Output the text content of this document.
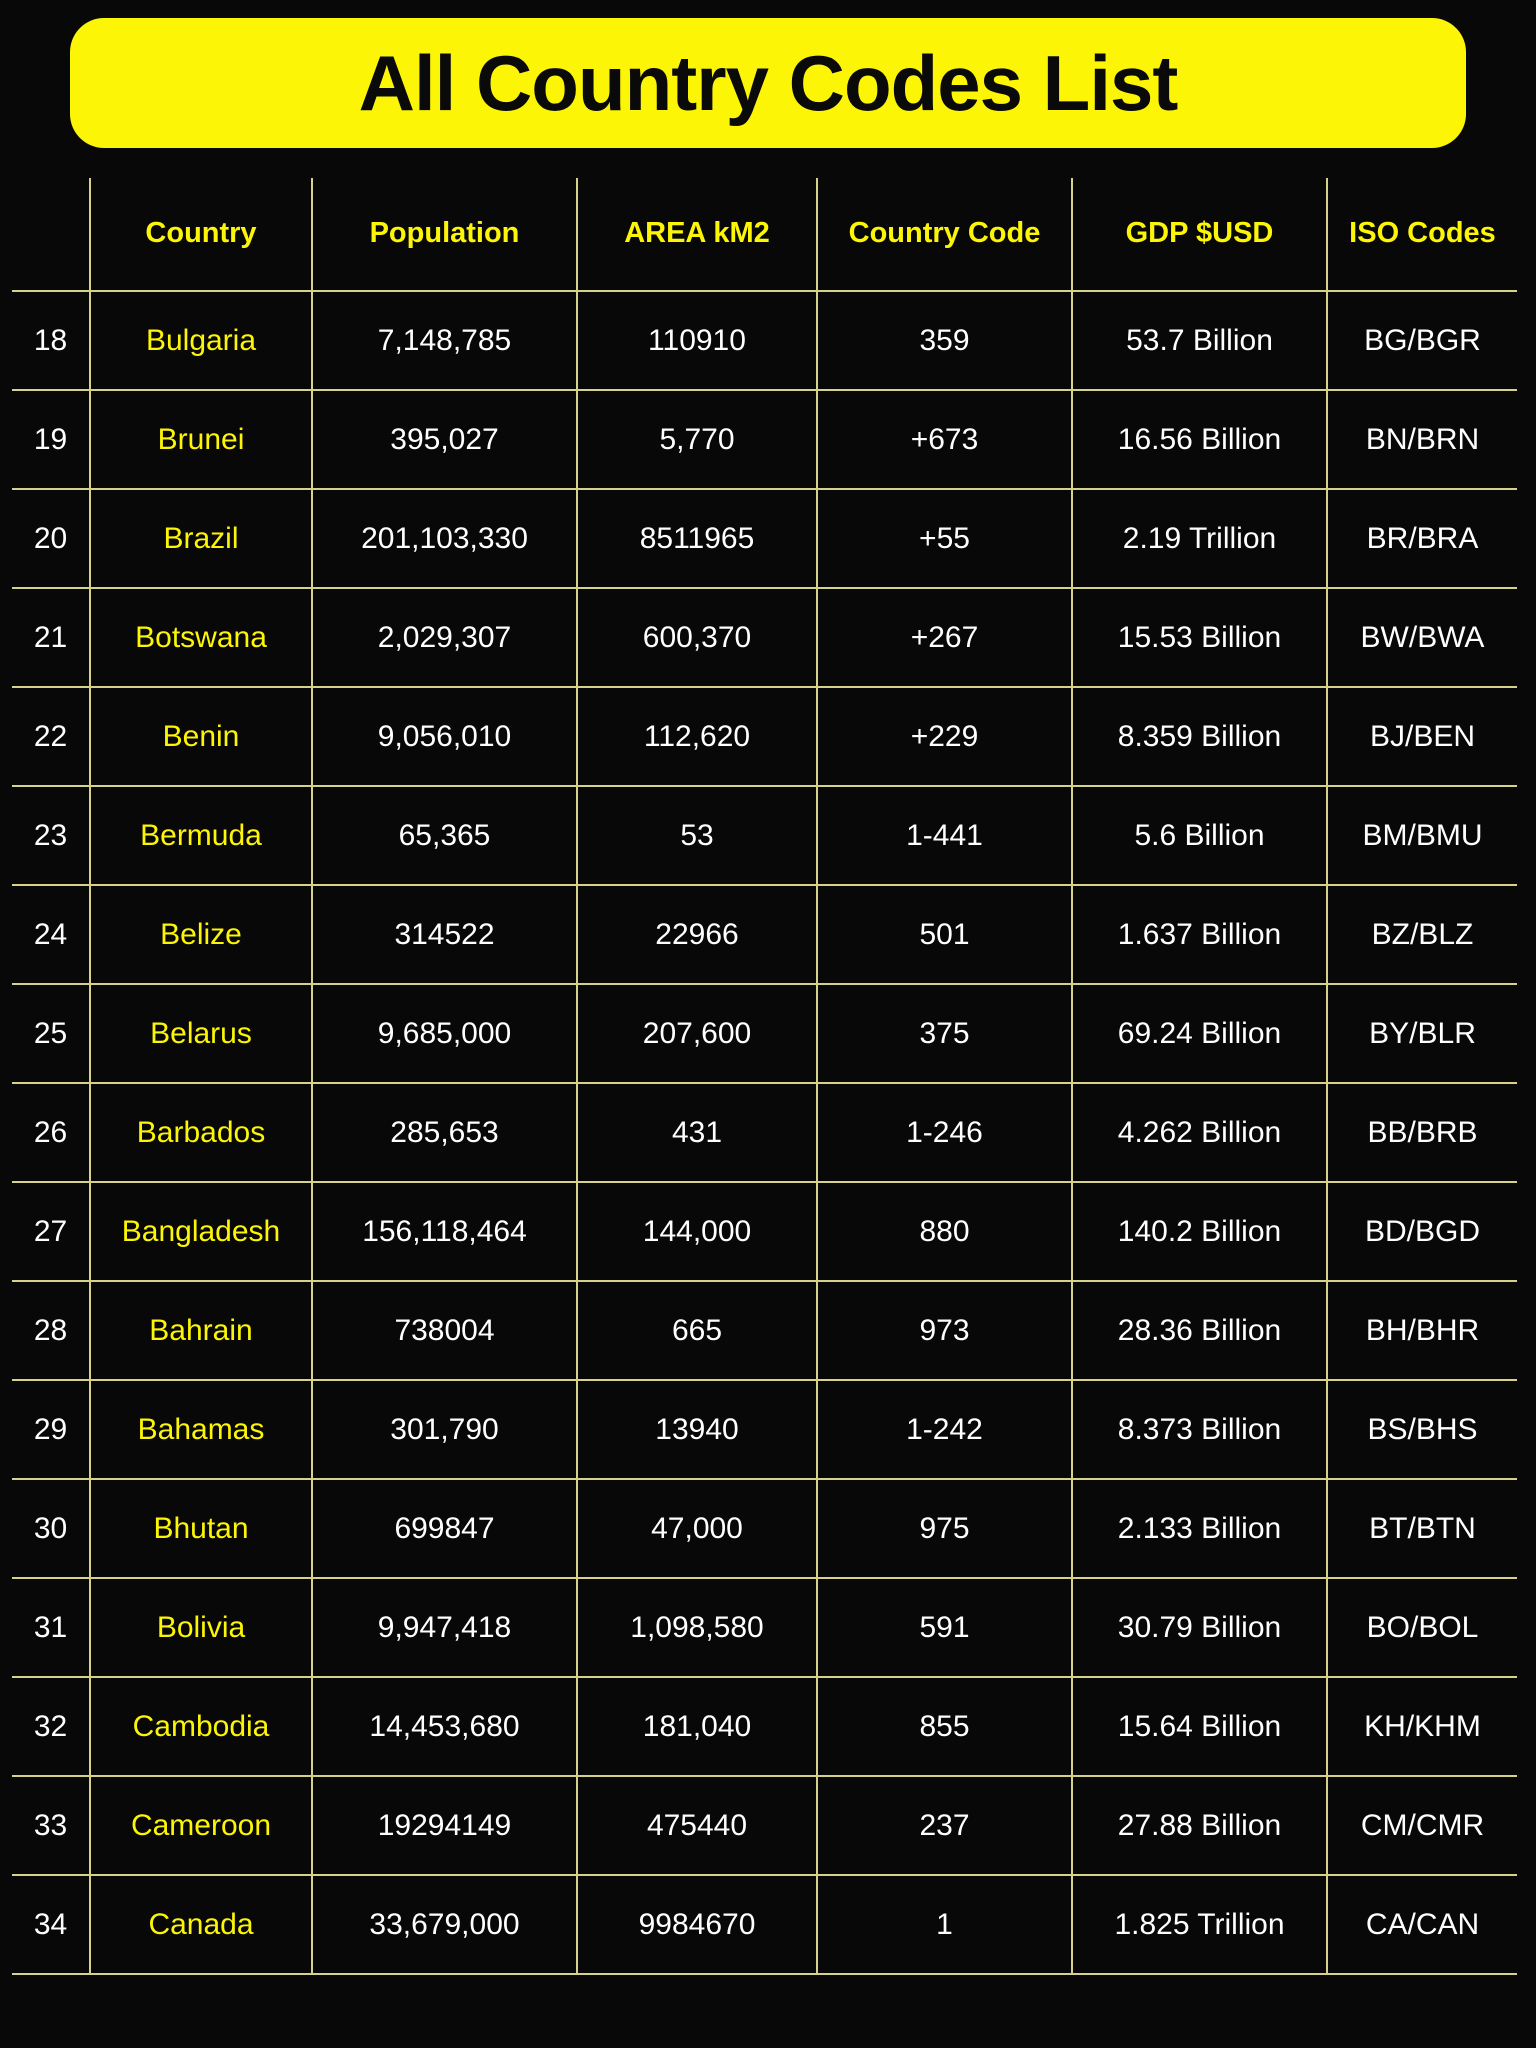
All Country Codes List
	Country	Population	AREA kM2	Country Code	GDP $USD	ISO Codes
18	Bulgaria	7,148,785	110910	359	53.7 Billion	BG/BGR
19	Brunei	395,027	5,770	+673	16.56 Billion	BN/BRN
20	Brazil	201,103,330	8511965	+55	2.19 Trillion	BR/BRA
21	Botswana	2,029,307	600,370	+267	15.53 Billion	BW/BWA
22	Benin	9,056,010	112,620	+229	8.359 Billion	BJ/BEN
23	Bermuda	65,365	53	1-441	5.6 Billion	BM/BMU
24	Belize	314522	22966	501	1.637 Billion	BZ/BLZ
25	Belarus	9,685,000	207,600	375	69.24 Billion	BY/BLR
26	Barbados	285,653	431	1-246	4.262 Billion	BB/BRB
27	Bangladesh	156,118,464	144,000	880	140.2 Billion	BD/BGD
28	Bahrain	738004	665	973	28.36 Billion	BH/BHR
29	Bahamas	301,790	13940	1-242	8.373 Billion	BS/BHS
30	Bhutan	699847	47,000	975	2.133 Billion	BT/BTN
31	Bolivia	9,947,418	1,098,580	591	30.79 Billion	BO/BOL
32	Cambodia	14,453,680	181,040	855	15.64 Billion	KH/KHM
33	Cameroon	19294149	475440	237	27.88 Billion	CM/CMR
34	Canada	33,679,000	9984670	1	1.825 Trillion	CA/CAN
